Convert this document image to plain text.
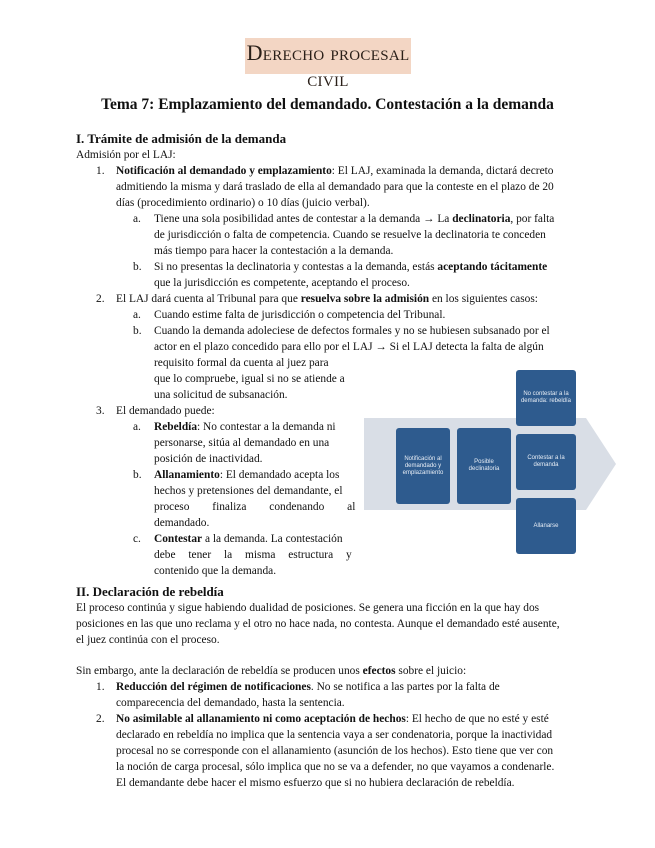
Derecho procesal civil
Tema 7: Emplazamiento del demandado. Contestación a la demanda
I. Trámite de admisión de la demanda
Admisión por el LAJ:
1. Notificación al demandado y emplazamiento: El LAJ, examinada la demanda, dictará decreto
admitiendo la misma y dará traslado de ella al demandado para que la conteste en el plazo de 20
días (procedimiento ordinario) o 10 días (juicio verbal).
a. Tiene una sola posibilidad antes de contestar a la demanda → La declinatoria, por falta
de jurisdicción o falta de competencia. Cuando se resuelve la declinatoria te conceden
más tiempo para hacer la contestación a la demanda.
b. Si no presentas la declinatoria y contestas a la demanda, estás aceptando tácitamente
que la jurisdicción es competente, aceptando el proceso.
2. El LAJ dará cuenta al Tribunal para que resuelva sobre la admisión en los siguientes casos:
a. Cuando estime falta de jurisdicción o competencia del Tribunal.
b. Cuando la demanda adoleciese de defectos formales y no se hubiesen subsanado por el
actor en el plazo concedido para ello por el LAJ → Si el LAJ detecta la falta de algún
requisito formal da cuenta al juez para
que lo compruebe, igual si no se atiende a
una solicitud de subsanación.
3. El demandado puede:
a. Rebeldía: No contestar a la demanda ni
personarse, sitúa al demandado en una
posición de inactividad.
b. Allanamiento: El demandado acepta los
hechos y pretensiones del demandante, el
proceso finaliza condenando al
demandado.
c. Contestar a la demanda. La contestación
debe tener la misma estructura y
contenido que la demanda.
Notificación al demandado y emplazamiento
Posible declinatoria
No contestar a la demanda: rebeldía
Contestar a la demanda
Allanarse
II. Declaración de rebeldía
El proceso continúa y sigue habiendo dualidad de posiciones. Se genera una ficción en la que hay dos
posiciones en las que uno reclama y el otro no hace nada, no contesta. Aunque el demandado esté ausente,
el juez continúa con el proceso.
Sin embargo, ante la declaración de rebeldía se producen unos efectos sobre el juicio:
1. Reducción del régimen de notificaciones. No se notifica a las partes por la falta de
comparecencia del demandado, hasta la sentencia.
2. No asimilable al allanamiento ni como aceptación de hechos: El hecho de que no esté y esté
declarado en rebeldía no implica que la sentencia vaya a ser condenatoria, porque la inactividad
procesal no se corresponde con el allanamiento (asunción de los hechos). Esto tiene que ver con
la noción de carga procesal, sólo implica que no se va a defender, no que vayamos a condenarle.
El demandante debe hacer el mismo esfuerzo que si no hubiera declaración de rebeldía.
